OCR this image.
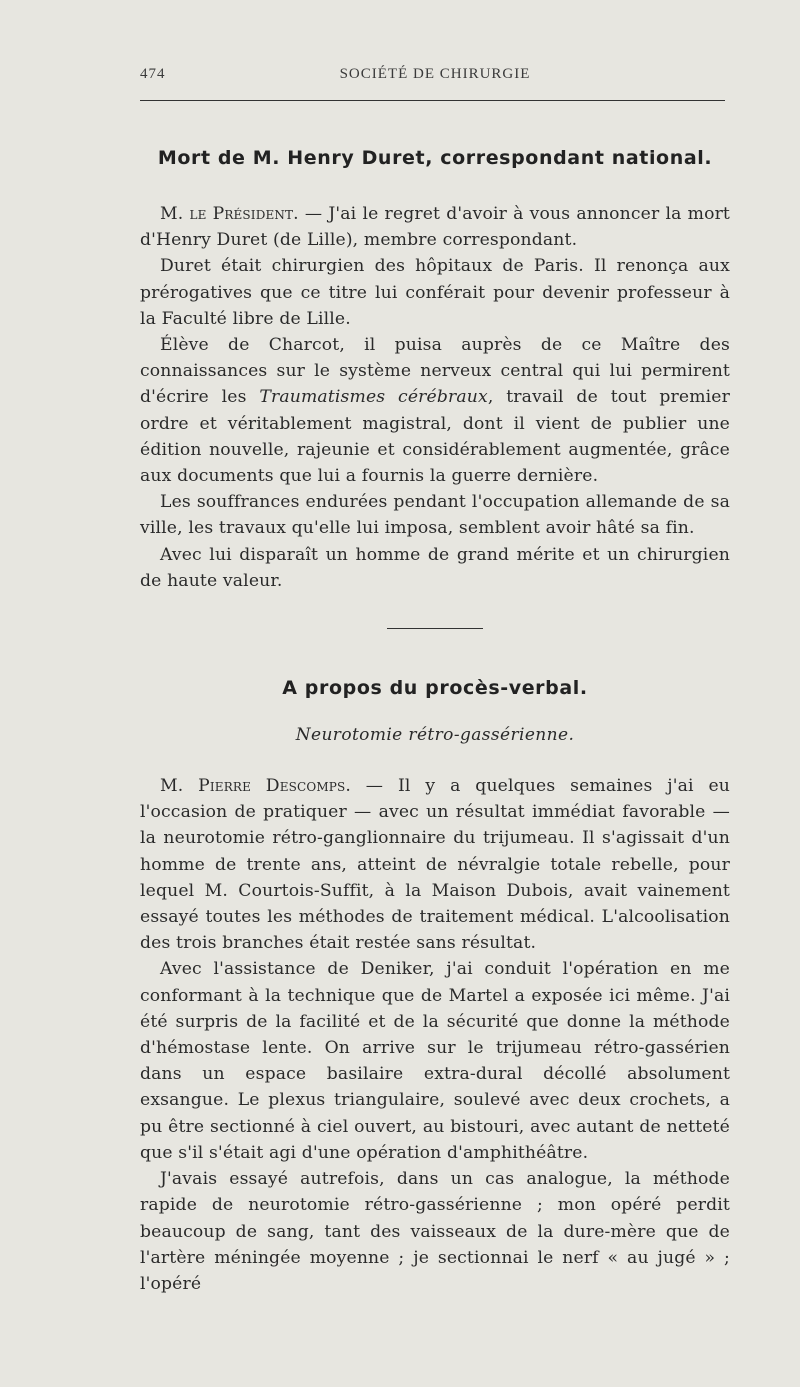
474	SOCIÉTÉ DE CHIRURGIE
Mort de M. Henry Duret, correspondant national.

M. le Président. — J'ai le regret d'avoir à vous annoncer la mort d'Henry Duret (de Lille), membre correspondant.

Duret était chirurgien des hôpitaux de Paris. Il renonça aux prérogatives que ce titre lui conférait pour devenir professeur à la Faculté libre de Lille.

Élève de Charcot, il puisa auprès de ce Maître des connaissances sur le système nerveux central qui lui permirent d'écrire les Traumatismes cérébraux, travail de tout premier ordre et véritablement magistral, dont il vient de publier une édition nouvelle, rajeunie et considérablement augmentée, grâce aux documents que lui a fournis la guerre dernière.

Les souffrances endurées pendant l'occupation allemande de sa ville, les travaux qu'elle lui imposa, semblent avoir hâté sa fin.

Avec lui disparaît un homme de grand mérite et un chirurgien de haute valeur.

A propos du procès-verbal.
Neurotomie rétro-gassérienne.

M. Pierre Descomps. — Il y a quelques semaines j'ai eu l'occasion de pratiquer — avec un résultat immédiat favorable — la neurotomie rétro-ganglionnaire du trijumeau. Il s'agissait d'un homme de trente ans, atteint de névralgie totale rebelle, pour lequel M. Courtois-Suffit, à la Maison Dubois, avait vainement essayé toutes les méthodes de traitement médical. L'alcoolisation des trois branches était restée sans résultat.

Avec l'assistance de Deniker, j'ai conduit l'opération en me conformant à la technique que de Martel a exposée ici même. J'ai été surpris de la facilité et de la sécurité que donne la méthode d'hémostase lente. On arrive sur le trijumeau rétro-gassérien dans un espace basilaire extra-dural décollé absolument exsangue. Le plexus triangulaire, soulevé avec deux crochets, a pu être sectionné à ciel ouvert, au bistouri, avec autant de netteté que s'il s'était agi d'une opération d'amphithéâtre.

J'avais essayé autrefois, dans un cas analogue, la méthode rapide de neurotomie rétro-gassérienne ; mon opéré perdit beaucoup de sang, tant des vaisseaux de la dure-mère que de l'artère méningée moyenne ; je sectionnai le nerf « au jugé » ; l'opéré
